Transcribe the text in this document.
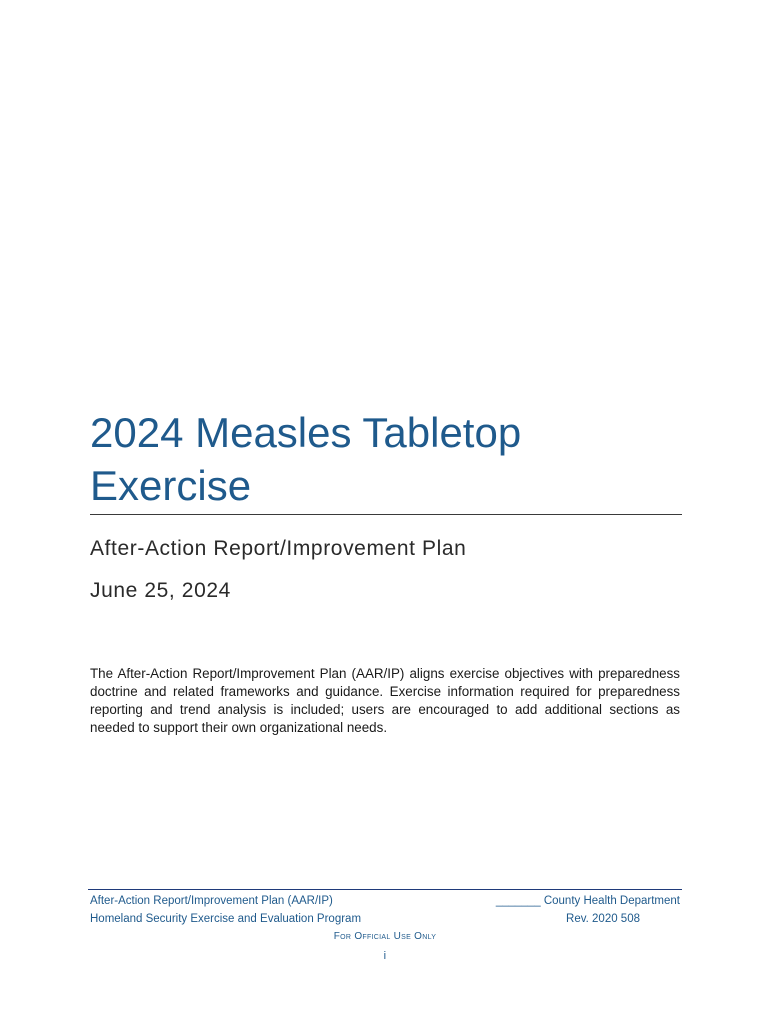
2024 Measles Tabletop Exercise

After-Action Report/Improvement Plan

June 25, 2024

The After-Action Report/Improvement Plan (AAR/IP) aligns exercise objectives with preparedness doctrine and related frameworks and guidance. Exercise information required for preparedness reporting and trend analysis is included; users are encouraged to add additional sections as needed to support their own organizational needs.

After-Action Report/Improvement Plan (AAR/IP)
Homeland Security Exercise and Evaluation Program
_______ County Health Department
Rev. 2020 508
For Official Use Only
i
